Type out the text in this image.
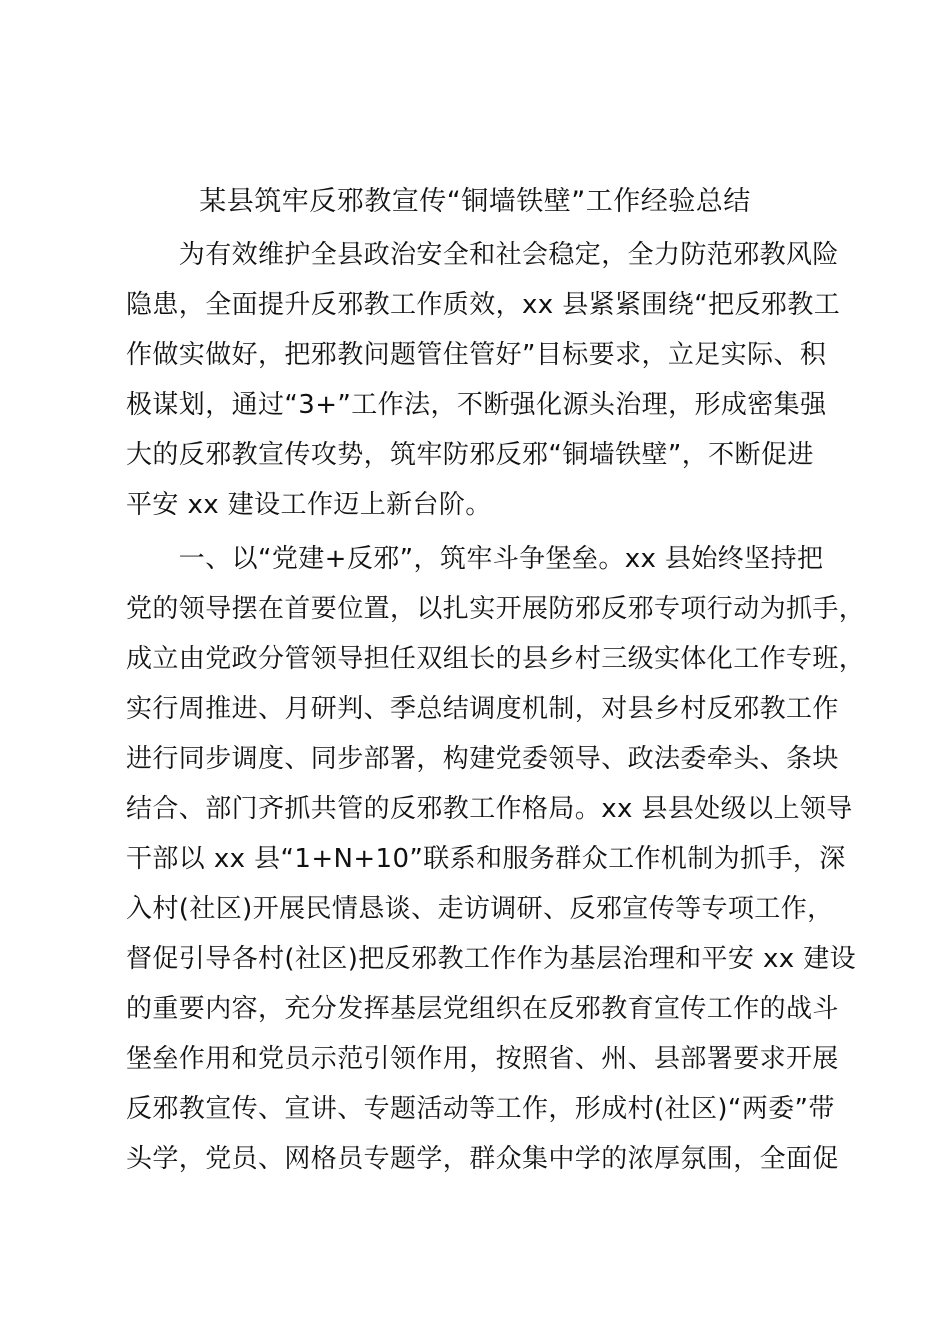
某县筑牢反邪教宣传“铜墙铁壁”工作经验总结
　　为有效维护全县政治安全和社会稳定，全力防范邪教风险
隐患，全面提升反邪教工作质效，xx 县紧紧围绕“把反邪教工
作做实做好，把邪教问题管住管好”目标要求，立足实际、积
极谋划，通过“3+”工作法，不断强化源头治理，形成密集强
大的反邪教宣传攻势，筑牢防邪反邪“铜墙铁壁”，不断促进
平安 xx 建设工作迈上新台阶。
　　一、以“党建+反邪”，筑牢斗争堡垒。xx 县始终坚持把
党的领导摆在首要位置，以扎实开展防邪反邪专项行动为抓手，
成立由党政分管领导担任双组长的县乡村三级实体化工作专班，
实行周推进、月研判、季总结调度机制，对县乡村反邪教工作
进行同步调度、同步部署，构建党委领导、政法委牵头、条块
结合、部门齐抓共管的反邪教工作格局。xx 县县处级以上领导
干部以 xx 县“1+N+10”联系和服务群众工作机制为抓手，深
入村(社区)开展民情恳谈、走访调研、反邪宣传等专项工作，
督促引导各村(社区)把反邪教工作作为基层治理和平安 xx 建设
的重要内容，充分发挥基层党组织在反邪教育宣传工作的战斗
堡垒作用和党员示范引领作用，按照省、州、县部署要求开展
反邪教宣传、宣讲、专题活动等工作，形成村(社区)“两委”带
头学，党员、网格员专题学，群众集中学的浓厚氛围，全面促
